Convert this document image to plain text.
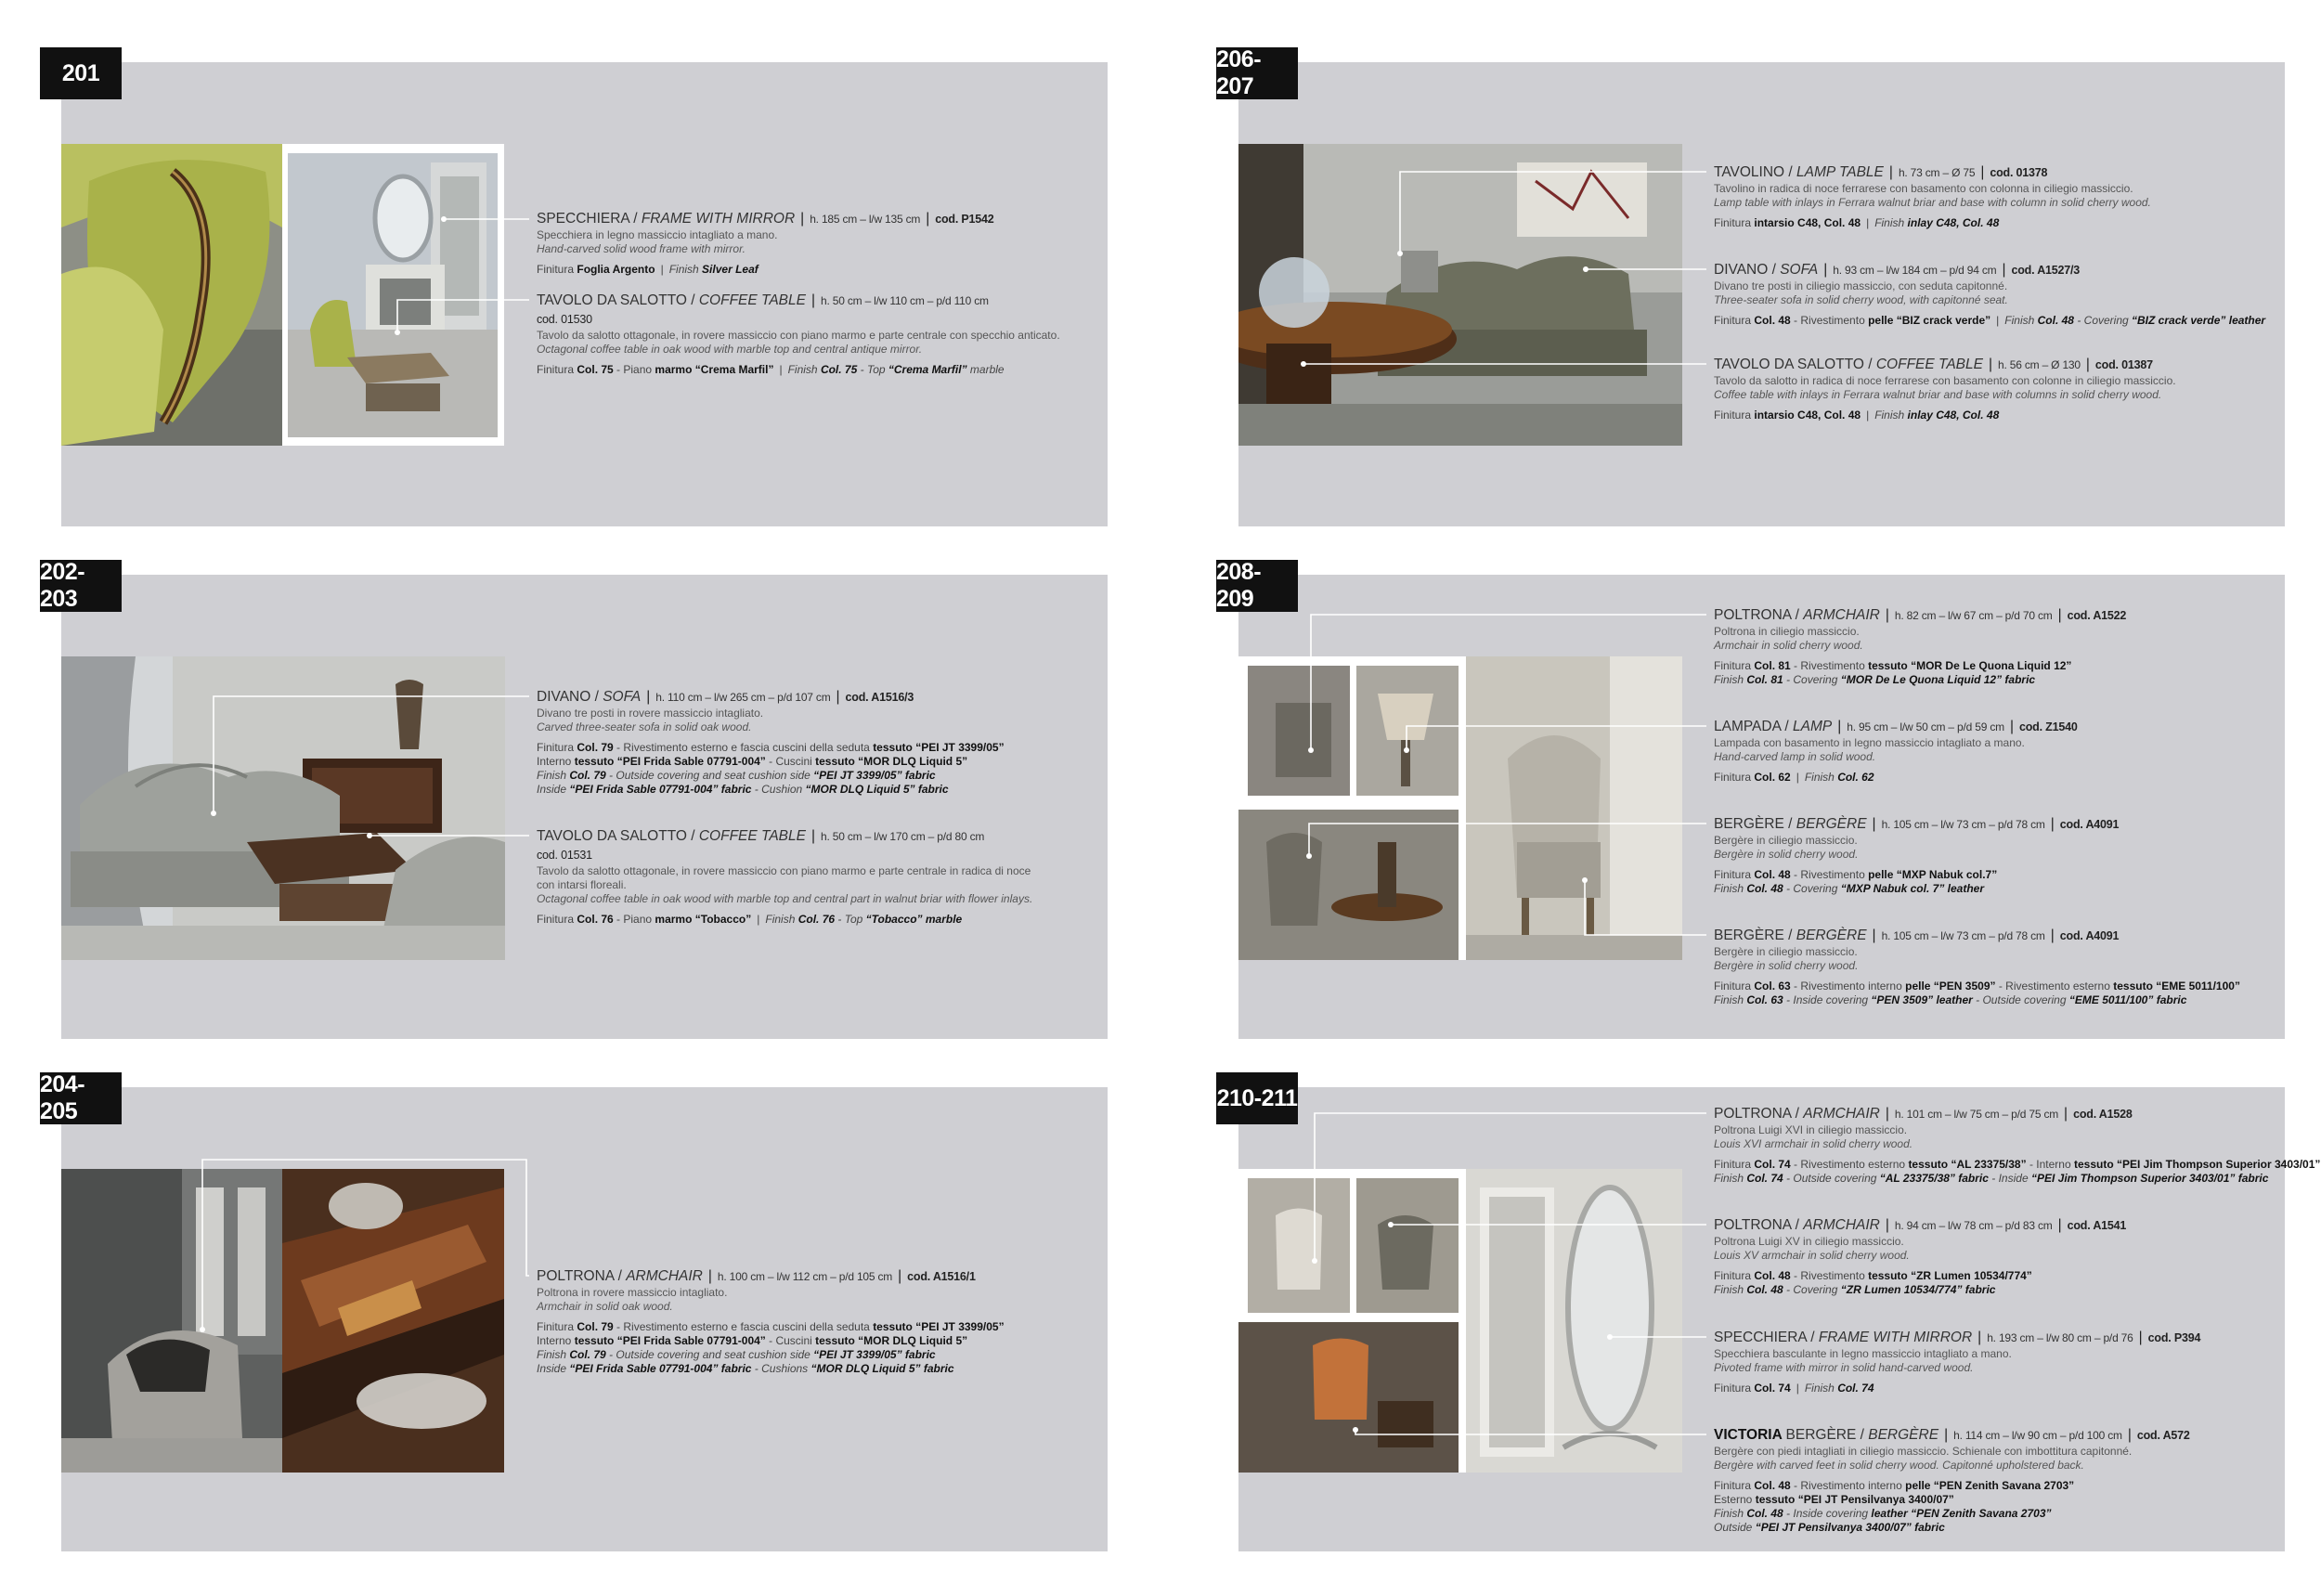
201
206-207
202-203
208-209
204-205
210-211
SPECCHIERA / FRAME WITH MIRROR | h. 185 cm – l/w 135 cm | cod. P1542
Specchiera in legno massiccio intagliato a mano.
Hand-carved solid wood frame with mirror.
Finitura Foglia Argento | Finish Silver Leaf
TAVOLO DA SALOTTO / COFFEE TABLE | h. 50 cm – l/w 110 cm – p/d 110 cm
cod. 01530
Tavolo da salotto ottagonale, in rovere massiccio con piano marmo e parte centrale con specchio anticato.
Octagonal coffee table in oak wood with marble top and central antique mirror.
Finitura Col. 75 - Piano marmo “Crema Marfil” | Finish Col. 75 - Top “Crema Marfil” marble
TAVOLINO / LAMP TABLE | h. 73 cm – Ø 75 | cod. 01378
Tavolino in radica di noce ferrarese con basamento con colonna in ciliegio massiccio.
Lamp table with inlays in Ferrara walnut briar and base with column in solid cherry wood.
Finitura intarsio C48, Col. 48 | Finish inlay C48, Col. 48
DIVANO / SOFA | h. 93 cm – l/w 184 cm – p/d 94 cm | cod. A1527/3
Divano tre posti in ciliegio massiccio, con seduta capitonné.
Three-seater sofa in solid cherry wood, with capitonné seat.
Finitura Col. 48 - Rivestimento pelle “BIZ crack verde” | Finish Col. 48 - Covering “BIZ crack verde” leather
TAVOLO DA SALOTTO / COFFEE TABLE | h. 56 cm – Ø 130 | cod. 01387
Tavolo da salotto in radica di noce ferrarese con basamento con colonne in ciliegio massiccio.
Coffee table with inlays in Ferrara walnut briar and base with columns in solid cherry wood.
Finitura intarsio C48, Col. 48 | Finish inlay C48, Col. 48
DIVANO / SOFA | h. 110 cm – l/w 265 cm – p/d 107 cm | cod. A1516/3
Divano tre posti in rovere massiccio intagliato.
Carved three-seater sofa in solid oak wood.
Finitura Col. 79 - Rivestimento esterno e fascia cuscini della seduta tessuto “PEI JT 3399/05”
Interno tessuto “PEI Frida Sable 07791-004” - Cuscini tessuto “MOR DLQ Liquid 5”
Finish Col. 79 - Outside covering and seat cushion side “PEI JT 3399/05” fabric
Inside “PEI Frida Sable 07791-004” fabric - Cushion “MOR DLQ Liquid 5” fabric
TAVOLO DA SALOTTO / COFFEE TABLE | h. 50 cm – l/w 170 cm – p/d 80 cm
cod. 01531
Tavolo da salotto ottagonale, in rovere massiccio con piano marmo e parte centrale in radica di noce
con intarsi floreali.
Octagonal coffee table in oak wood with marble top and central part in walnut briar with flower inlays.
Finitura Col. 76 - Piano marmo “Tobacco” | Finish Col. 76 - Top “Tobacco” marble
POLTRONA / ARMCHAIR | h. 82 cm – l/w 67 cm – p/d 70 cm | cod. A1522
Poltrona in ciliegio massiccio.
Armchair in solid cherry wood.
Finitura Col. 81 - Rivestimento tessuto “MOR De Le Quona Liquid 12”
Finish Col. 81 - Covering “MOR De Le Quona Liquid 12” fabric
LAMPADA / LAMP | h. 95 cm – l/w 50 cm – p/d 59 cm | cod. Z1540
Lampada con basamento in legno massiccio intagliato a mano.
Hand-carved lamp in solid wood.
Finitura Col. 62 | Finish Col. 62
BERGÈRE / BERGÈRE | h. 105 cm – l/w 73 cm – p/d 78 cm | cod. A4091
Bergère in ciliegio massiccio.
Bergère in solid cherry wood.
Finitura Col. 48 - Rivestimento pelle “MXP Nabuk col.7”
Finish Col. 48 - Covering “MXP Nabuk col. 7” leather
BERGÈRE / BERGÈRE | h. 105 cm – l/w 73 cm – p/d 78 cm | cod. A4091
Bergère in ciliegio massiccio.
Bergère in solid cherry wood.
Finitura Col. 63 - Rivestimento interno pelle “PEN 3509” - Rivestimento esterno tessuto “EME 5011/100”
Finish Col. 63 - Inside covering “PEN 3509” leather - Outside covering “EME 5011/100” fabric
POLTRONA / ARMCHAIR | h. 100 cm – l/w 112 cm – p/d 105 cm | cod. A1516/1
Poltrona in rovere massiccio intagliato.
Armchair in solid oak wood.
Finitura Col. 79 - Rivestimento esterno e fascia cuscini della seduta tessuto “PEI JT 3399/05”
Interno tessuto “PEI Frida Sable 07791-004” - Cuscini tessuto “MOR DLQ Liquid 5”
Finish Col. 79 - Outside covering and seat cushion side “PEI JT 3399/05” fabric
Inside “PEI Frida Sable 07791-004” fabric - Cushions “MOR DLQ Liquid 5” fabric
POLTRONA / ARMCHAIR | h. 101 cm – l/w 75 cm – p/d 75 cm | cod. A1528
Poltrona Luigi XVI in ciliegio massiccio.
Louis XVI armchair in solid cherry wood.
Finitura Col. 74 - Rivestimento esterno tessuto “AL 23375/38” - Interno tessuto “PEI Jim Thompson Superior 3403/01”
Finish Col. 74 - Outside covering “AL 23375/38” fabric - Inside “PEI Jim Thompson Superior 3403/01” fabric
POLTRONA / ARMCHAIR | h. 94 cm – l/w 78 cm – p/d 83 cm | cod. A1541
Poltrona Luigi XV in ciliegio massiccio.
Louis XV armchair in solid cherry wood.
Finitura Col. 48 - Rivestimento tessuto “ZR Lumen 10534/774”
Finish Col. 48 - Covering “ZR Lumen 10534/774” fabric
SPECCHIERA / FRAME WITH MIRROR | h. 193 cm – l/w 80 cm – p/d 76 | cod. P394
Specchiera basculante in legno massiccio intagliato a mano.
Pivoted frame with mirror in solid hand-carved wood.
Finitura Col. 74 | Finish Col. 74
VICTORIA BERGÈRE / BERGÈRE | h. 114 cm – l/w 90 cm – p/d 100 cm | cod. A572
Bergère con piedi intagliati in ciliegio massiccio. Schienale con imbottitura capitonné.
Bergère with carved feet in solid cherry wood. Capitonné upholstered back.
Finitura Col. 48 - Rivestimento interno pelle “PEN Zenith Savana 2703”
Esterno tessuto “PEI JT Pensilvanya 3400/07”
Finish Col. 48 - Inside covering leather “PEN Zenith Savana 2703”
Outside “PEI JT Pensilvanya 3400/07” fabric
